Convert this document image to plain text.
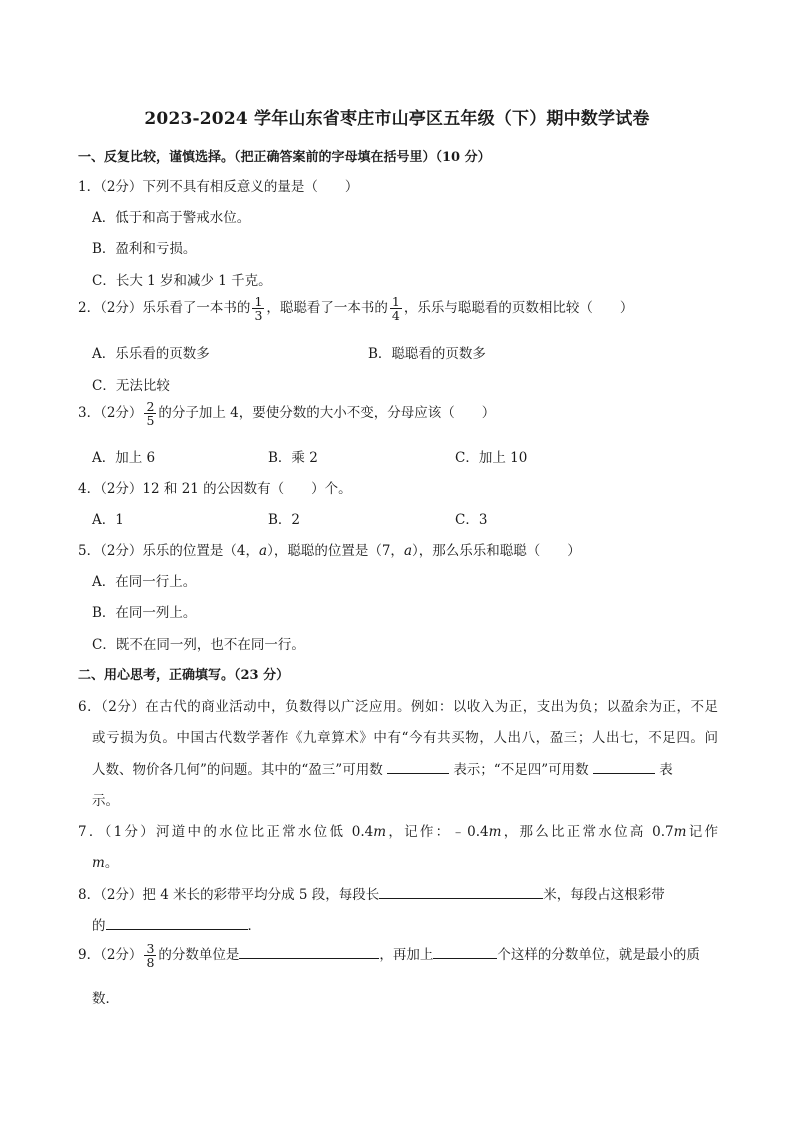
2023-2024 学年山东省枣庄市山亭区五年级（下）期中数学试卷
一、反复比较，谨慎选择。（把正确答案前的字母填在括号里）（10 分）
1．（2分）下列不具有相反意义的量是（　　）
A．低于和高于警戒水位。
B．盈利和亏损。
C．长大 1 岁和减少 1 千克。
2．（2分）乐乐看了一本书的 $\frac{1}{3}$ ，聪聪看了一本书的 $\frac{1}{4}$ ，乐乐与聪聪看的页数相比较（　　）
A．乐乐看的页数多	B．聪聪看的页数多
C．无法比较
3．（2分） $\frac{2}{5}$ 的分子加上 4，要使分数的大小不变，分母应该（　　）
A．加上 6	B．乘 2	C．加上 10
4．（2分）12 和 21 的公因数有（　　）个。
A．1	B．2	C．3
5．（2分）乐乐的位置是（4，a），聪聪的位置是（7，a），那么乐乐和聪聪（　　）
A．在同一行上。
B．在同一列上。
C．既不在同一列，也不在同一行。
二、用心思考，正确填写。（23 分）
6．（2分）在古代的商业活动中，负数得以广泛应用。例如：以收入为正，支出为负；以盈余为正，不足
或亏损为负。中国古代数学著作《九章算术》中有“今有共买物，人出八，盈三；人出七，不足四。问
人数、物价各几何”的问题。其中的“盈三”可用数	表示；“不足四”可用数	表
示。
7．（1分）河道中的水位比正常水位低 0.4m，记作：﹣0.4m，那么比正常水位高 0.7m记作
m。
8．（2分）把 4 米长的彩带平均分成 5 段，每段长	米，每段占这根彩带
的	．
9．（2分） $\frac{3}{8}$ 的分数单位是	，再加上	个这样的分数单位，就是最小的质
数．
